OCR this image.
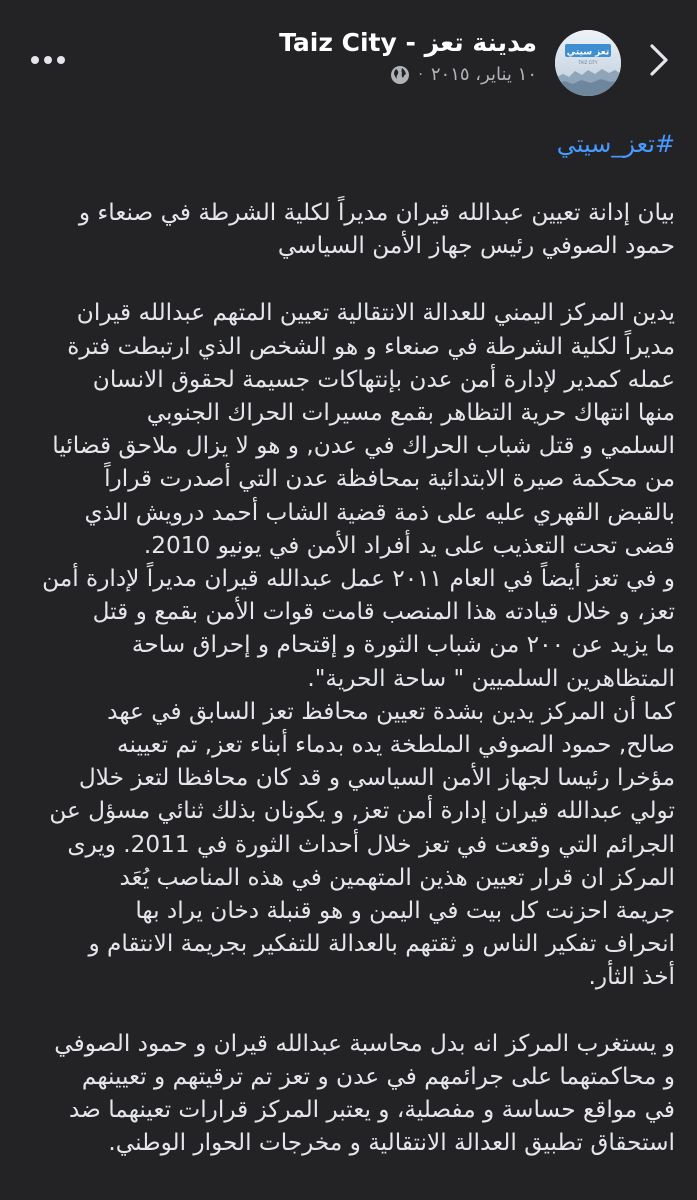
مدينة تعز - Taiz City
١٠ يناير، ٢٠١٥
·
تعز سيتي
TAIZ CITY
#تعز_سيتي

بيان إدانة تعيين عبدالله قيران مديراً لكلية الشرطة في صنعاء و
حمود الصوفي رئيس جهاز الأمن السياسي

يدين المركز اليمني للعدالة الانتقالية تعيين المتهم عبدالله قيران
مديراً لكلية الشرطة في صنعاء و هو الشخص الذي ارتبطت فترة
عمله كمدير لإدارة أمن عدن بإنتهاكات جسيمة لحقوق الانسان
منها انتهاك حرية التظاهر بقمع مسيرات الحراك الجنوبي
السلمي و قتل شباب الحراك في عدن, و هو لا يزال ملاحق قضائيا
من محكمة صيرة الابتدائية بمحافظة عدن التي أصدرت قراراً
بالقبض القهري عليه على ذمة قضية الشاب أحمد درويش الذي
قضى تحت التعذيب على يد أفراد الأمن في يونيو 2010.
و في تعز أيضاً في العام ٢٠١١ عمل عبدالله قيران مديراً لإدارة أمن
تعز، و خلال قيادته هذا المنصب قامت قوات الأمن بقمع و قتل
ما يزيد عن ٢٠٠ من شباب الثورة و إقتحام و إحراق ساحة
المتظاهرين السلميين " ساحة الحرية".

كما أن المركز يدين بشدة تعيين محافظ تعز السابق في عهد
صالح, حمود الصوفي الملطخة يده بدماء أبناء تعز, تم تعيينه
مؤخرا رئيسا لجهاز الأمن السياسي و قد كان محافظا لتعز خلال
تولي عبدالله قيران إدارة أمن تعز, و يكونان بذلك ثنائي مسؤل عن
الجرائم التي وقعت في تعز خلال أحداث الثورة في 2011. ويرى
المركز ان قرار تعيين هذين المتهمين في هذه المناصب يُعَد
جريمة احزنت كل بيت في اليمن و هو قنبلة دخان يراد بها
انحراف تفكير الناس و ثقتهم بالعدالة للتفكير بجريمة الانتقام و
أخذ الثأر.

و يستغرب المركز انه بدل محاسبة عبدالله قيران و حمود الصوفي
و محاكمتهما على جرائمهم في عدن و تعز تم ترقيتهم و تعيينهم
في مواقع حساسة و مفصلية، و يعتبر المركز قرارات تعينهما ضد
استحقاق تطبيق العدالة الانتقالية و مخرجات الحوار الوطني.
